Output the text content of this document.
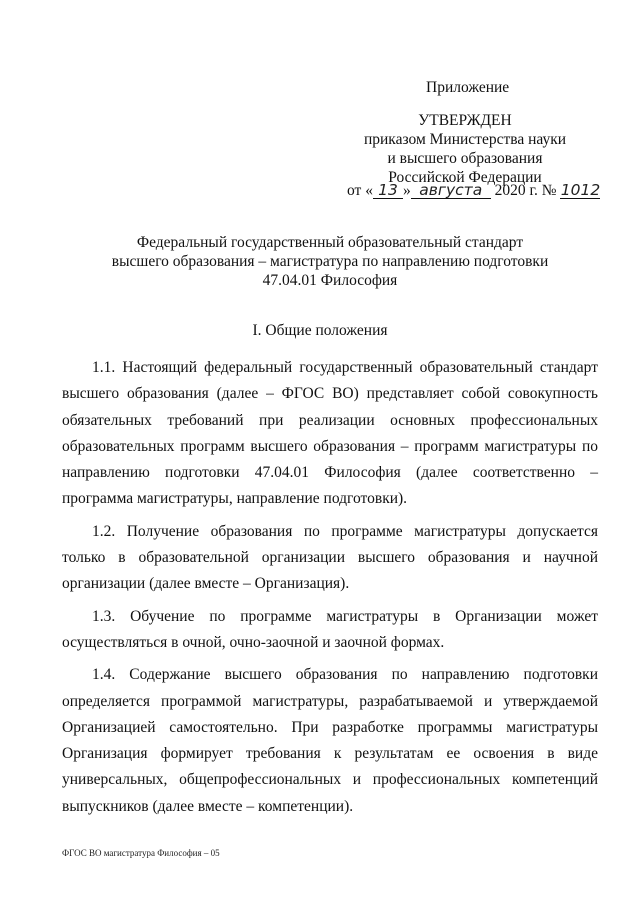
Приложение
УТВЕРЖДЕН
приказом Министерства науки
и высшего образования
Российской Федерации
от « 13 » августа 2020 г. № 1012
Федеральный государственный образовательный стандарт
высшего образования – магистратура по направлению подготовки
47.04.01 Философия
I. Общие положения

1.1. Настоящий федеральный государственный образовательный стандарт высшего образования (далее – ФГОС ВО) представляет собой совокупность обязательных требований при реализации основных профессиональных образовательных программ высшего образования – программ магистратуры по направлению подготовки 47.04.01 Философия (далее соответственно – программа магистратуры, направление подготовки).

1.2. Получение образования по программе магистратуры допускается только в образовательной организации высшего образования и научной организации (далее вместе – Организация).

1.3. Обучение по программе магистратуры в Организации может осуществляться в очной, очно-заочной и заочной формах.

1.4. Содержание высшего образования по направлению подготовки определяется программой магистратуры, разрабатываемой и утверждаемой Организацией самостоятельно. При разработке программы магистратуры Организация формирует требования к результатам ее освоения в виде универсальных, общепрофессиональных и профессиональных компетенций выпускников (далее вместе – компетенции).

ФГОС ВО магистратура Философия – 05
